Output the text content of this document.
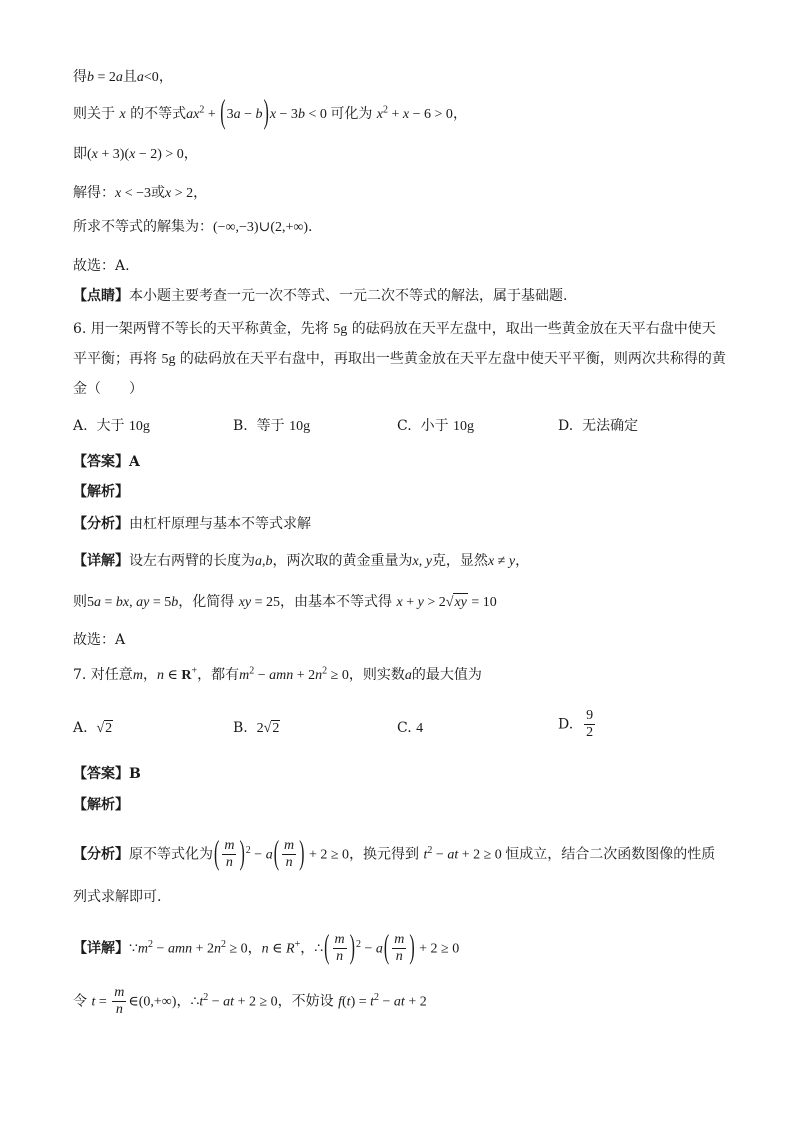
得b = 2a且a<0，
则关于 x 的不等式$ax^2 + (3a - b)x - 3b < 0$ 可化为 $x^2 + x - 6 > 0$，
即(x + 3)(x − 2) > 0，
解得：x < −3或x > 2，
所求不等式的解集为：(−∞,−3)∪(2,+∞).
故选：A.
【点睛】本小题主要考查一元一次不等式、一元二次不等式的解法，属于基础题.
6. 用一架两臂不等长的天平称黄金，先将 5g 的砝码放在天平左盘中，取出一些黄金放在天平右盘中使天
平平衡；再将 5g 的砝码放在天平右盘中，再取出一些黄金放在天平左盘中使天平平衡，则两次共称得的黄
金（　　）
A.  大于 10g	B.  等于 10g	C.  小于 10g	D.  无法确定
【答案】A
【解析】
【分析】由杠杆原理与基本不等式求解
【详解】设左右两臂的长度为a,b，两次取的黄金重量为x, y克，显然x ≠ y，
则5a = bx, ay = 5b，化简得 xy = 25，由基本不等式得 x + y > 2√xy = 10
故选：A
7. 对任意m，n ∈ R+，都有$m^2$ − amn + $2n^2 \ge 0$，则实数a的最大值为
A.  √2	B.  2√2	C. 4	D. $\frac{9}{2}$
【答案】B
【解析】
【分析】原不等式化为( $\frac{m}{n} )^2 - a( \frac{m}{n}$ ) + 2 ≥ 0，换元得到 $t^2$ − at + 2 ≥ 0 恒成立，结合二次函数图像的性质
列式求解即可.
【详解】$\because m^2$ − amn + $2n^2 \ge 0$，n ∈ R+，∴( $\frac{m}{n} )^2 - a( \frac{m}{n}$ ) + 2 ≥ 0
令 $t = \frac{m}{n}$ ∈(0,+∞)，$\therefore t^2$ − at + 2 ≥ 0，不妨设 $f(t) = t^2$ − at + 2
